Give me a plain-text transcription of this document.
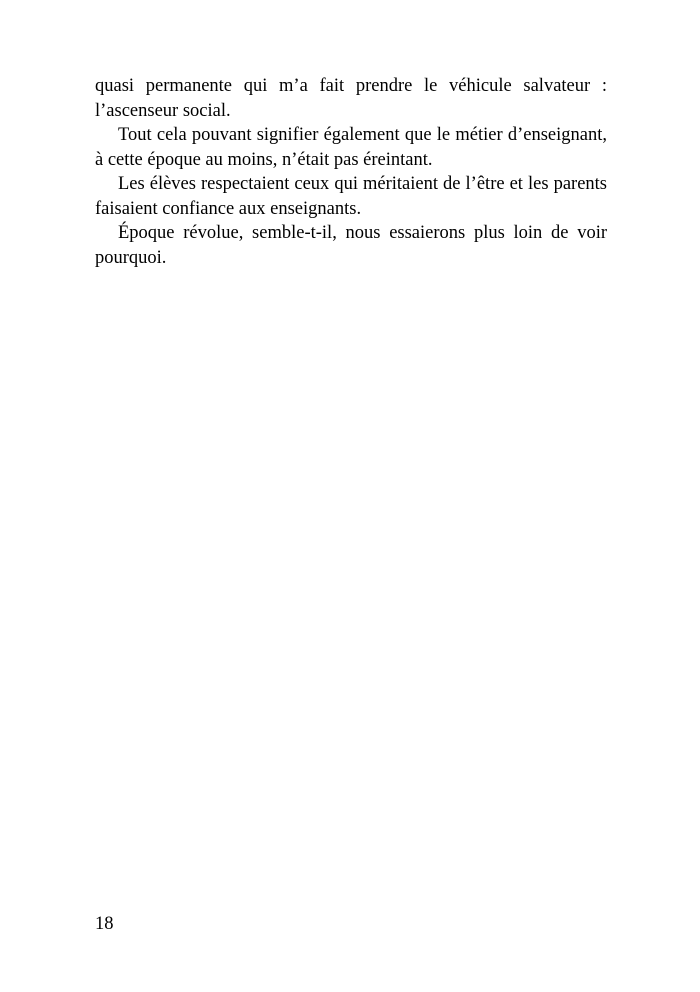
quasi permanente qui m’a fait prendre le véhicule salvateur : l’ascenseur social.

Tout cela pouvant signifier également que le métier d’enseignant, à cette époque au moins, n’était pas éreintant.

Les élèves respectaient ceux qui méritaient de l’être et les parents faisaient confiance aux enseignants.

Époque révolue, semble-t-il, nous essaierons plus loin de voir pourquoi.

18
